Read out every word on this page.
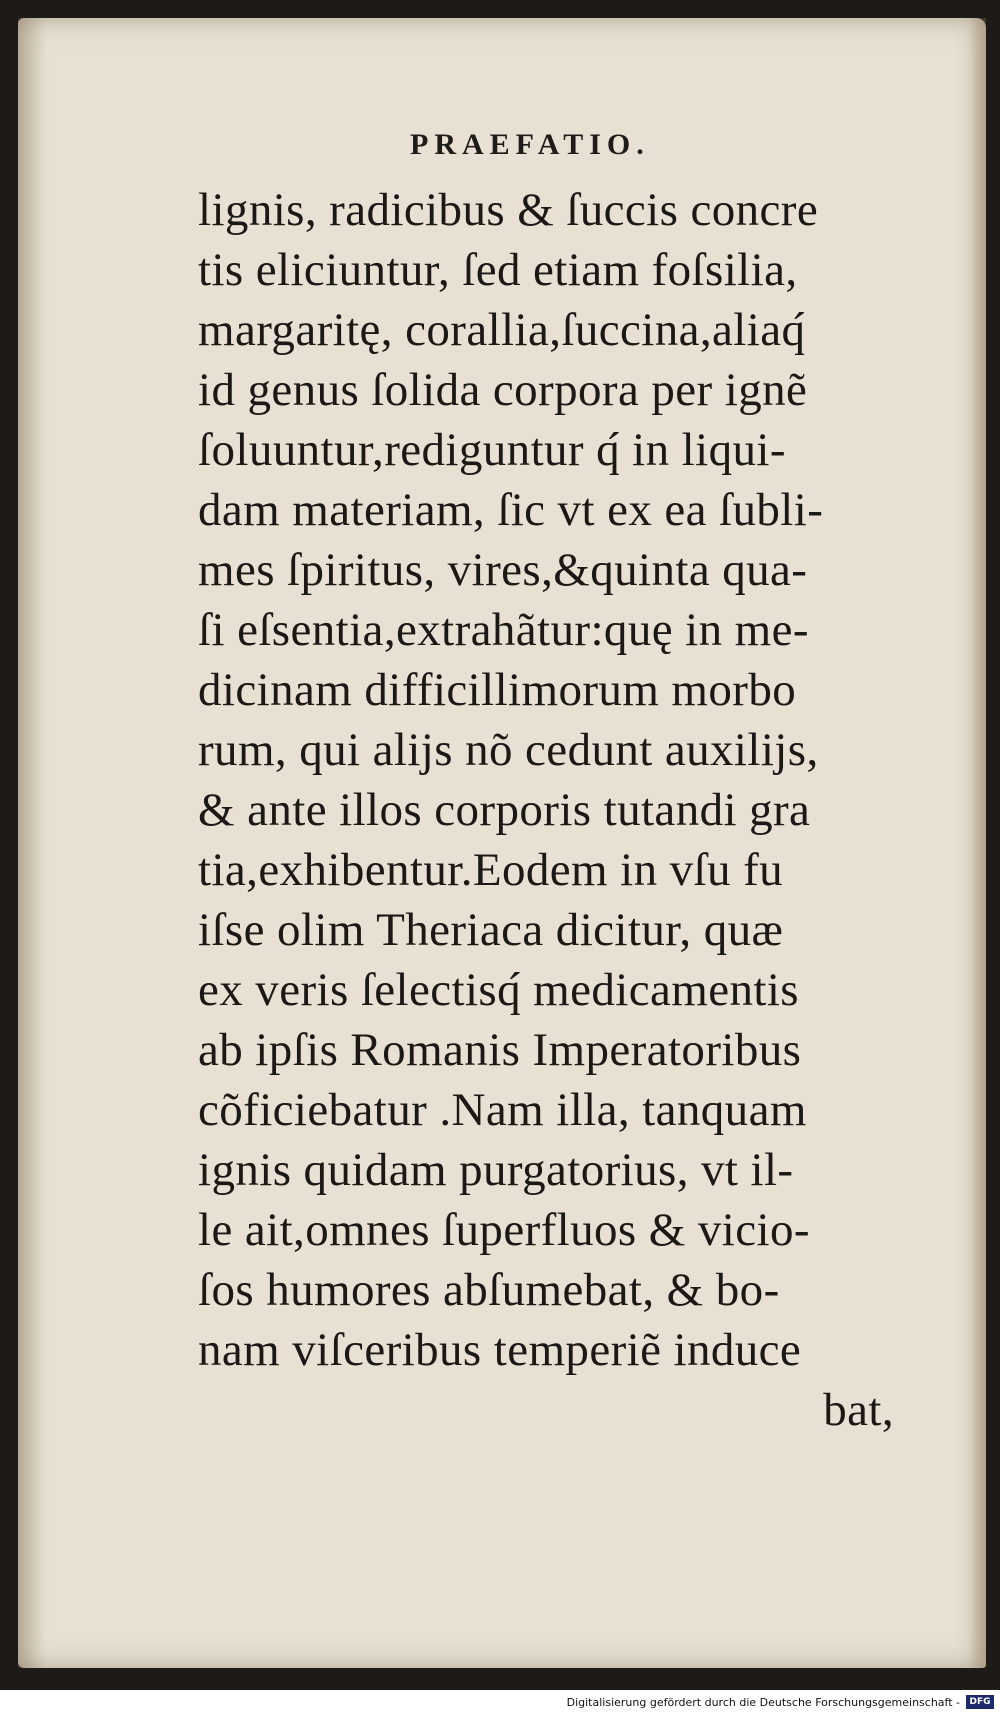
PRAEFATIO.
lignis, radicibus & ſuccis concre
tis eliciuntur, ſed etiam foſsilia,
margaritę, corallia,ſuccina,aliaq́
id genus ſolida corpora per ignẽ
ſoluuntur,rediguntur q́ in liqui-
dam materiam, ſic vt ex ea ſubli-
mes ſpiritus, vires,&quinta qua-
ſi eſsentia,extrahãtur:quę in me-
dicinam difficillimorum morbo
rum, qui alijs nõ cedunt auxilijs,
& ante illos corporis tutandi gra
tia,exhibentur.Eodem in vſu fu
iſse olim Theriaca dicitur, quæ
ex veris ſelectisq́ medicamentis
ab ipſis Romanis Imperatoribus
cõficiebatur .Nam illa, tanquam
ignis quidam purgatorius, vt il-
le ait,omnes ſuperfluos & vicio-
ſos humores abſumebat, & bo-
nam viſceribus temperiẽ induce
bat,
Digitalisierung gefördert durch die Deutsche Forschungsgemeinschaft -	DFG
